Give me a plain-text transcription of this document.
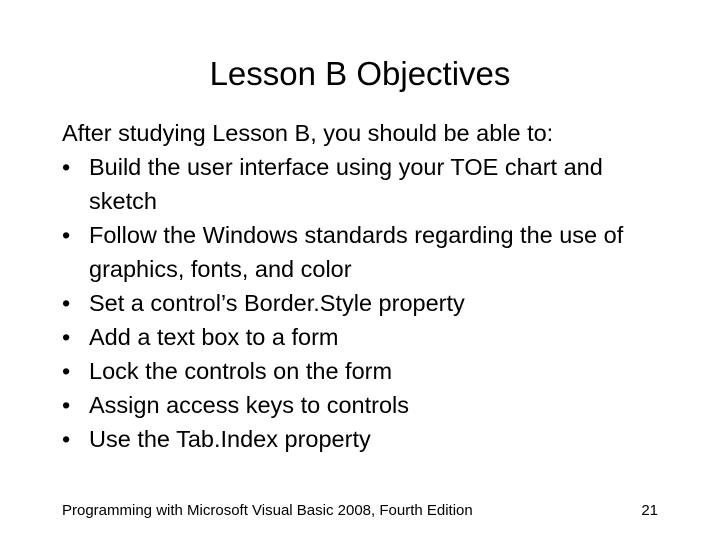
Lesson B Objectives
After studying Lesson B, you should be able to:
• Build the user interface using your TOE chart and sketch
• Follow the Windows standards regarding the use of graphics, fonts, and color
• Set a control’s Border.Style property
• Add a text box to a form
• Lock the controls on the form
• Assign access keys to controls
• Use the Tab.Index property
Programming with Microsoft Visual Basic 2008, Fourth Edition	21
